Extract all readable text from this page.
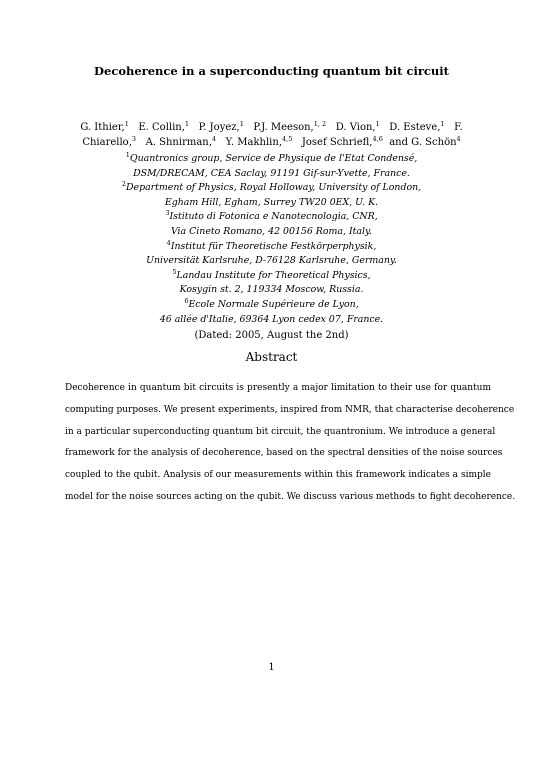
Decoherence in a superconducting quantum bit circuit
G. Ithier,$^1$ E. Collin,$^1$ P. Joyez,$^1$ P.J. Meeson,$^{1, 2}$ D. Vion,$^1$ D. Esteve,$^1$ F.
Chiarello,$^3$ A. Shnirman,$^4$ Y. Makhlin,$^{4,5}$ Josef Schriefl,$^{4,6}$ and G. Schön$^4$
$^1$Quantronics group, Service de Physique de l'Etat Condensé,
DSM/DRECAM, CEA Saclay, 91191 Gif-sur-Yvette, France.
$^2$Department of Physics, Royal Holloway, University of London,
Egham Hill, Egham, Surrey TW20 0EX, U. K.
$^3$Istituto di Fotonica e Nanotecnologia, CNR,
Via Cineto Romano, 42 00156 Roma, Italy.
$^4$Institut für Theoretische Festkörperphysik,
Universität Karlsruhe, D-76128 Karlsruhe, Germany.
$^5$Landau Institute for Theoretical Physics,
Kosygin st. 2, 119334 Moscow, Russia.
$^6$Ecole Normale Supérieure de Lyon,
46 allée d'Italie, 69364 Lyon cedex 07, France.
(Dated: 2005, August the 2nd)
Abstract
Decoherence in quantum bit circuits is presently a major limitation to their use for quantum
computing purposes. We present experiments, inspired from NMR, that characterise decoherence
in a particular superconducting quantum bit circuit, the quantronium. We introduce a general
framework for the analysis of decoherence, based on the spectral densities of the noise sources
coupled to the qubit. Analysis of our measurements within this framework indicates a simple
model for the noise sources acting on the qubit. We discuss various methods to fight decoherence.
1
